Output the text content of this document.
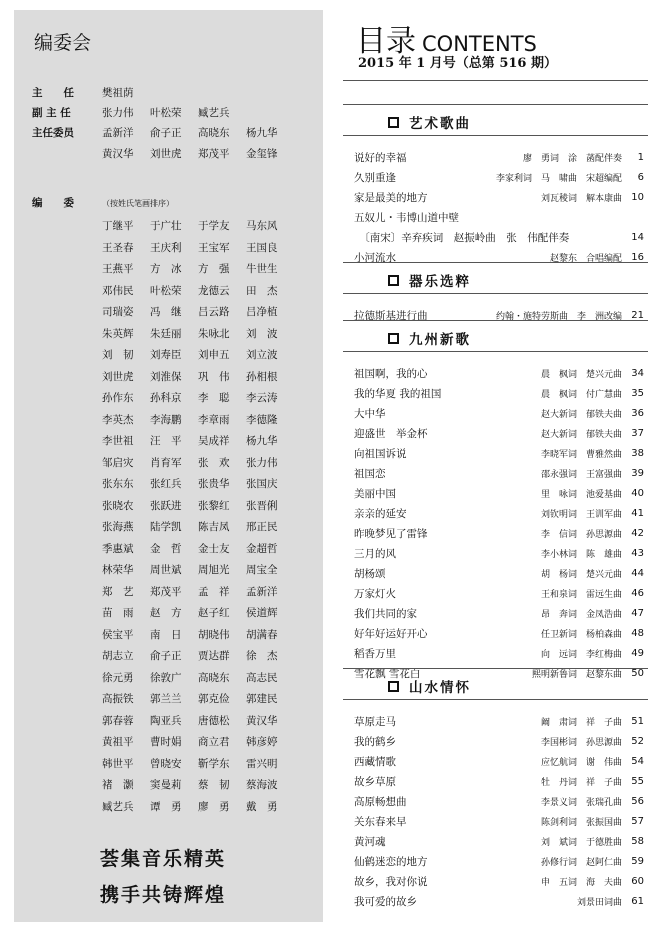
编委会
主　　任	樊祖荫
副 主 任	张力伟	叶松荣	臧艺兵
主任委员	孟新洋	俞子正	高晓东	杨九华
黄汉华	刘世虎	郑茂平	金玺锋
编　　委	（按姓氏笔画排序）
丁继平	于广壮	于学友	马东风
王圣春	王庆利	王宝军	王国良
王燕平	方　冰	方　强	牛世生
邓伟民	叶松荣	龙德云	田　杰
司瑞姿	冯　继	吕云路	吕净植
朱英辉	朱廷丽	朱咏北	刘　波
刘　韧	刘寿臣	刘申五	刘立波
刘世虎	刘淮保	巩　伟	孙相根
孙作东	孙科京	李　聪	李云涛
李英杰	李海鹏	李章雨	李德隆
李世祖	汪　平	吴成祥	杨九华
邹启灾	肖育军	张　欢	张力伟
张东东	张红兵	张贵华	张国庆
张晓农	张跃进	张黎红	张晋俐
张海燕	陆学凯	陈吉凤	邢正民
季惠斌	金　哲	金士友	金超哲
林荣华	周世斌	周旭光	周宝全
郑　艺	郑茂平	孟　祥	孟新洋
苗　雨	赵　方	赵子红	侯道辉
侯宝平	南　日	胡晓伟	胡满春
胡志立	俞子正	贾达群	徐　杰
徐元勇	徐敦广	高晓东	高志民
高振铁	郭兰兰	郭克俭	郭建民
郭春蓉	陶亚兵	唐德松	黄汉华
黄祖平	曹时娟	商立君	韩彦婷
韩世平	曾晓安	靳学东	雷兴明
褚　灏	窦曼莉	蔡　韧	蔡海波
臧艺兵	谭　勇	廖　勇	戴　勇
荟集音乐精英
携手共铸辉煌
目录 CONTENTS
2015 年 1 月号（总第 516 期）
艺术歌曲
说好的幸福	廖　勇词　涂　菡配伴奏	1
久别重逢	李家利词　马　啸曲　宋超编配	6
家是最美的地方	刘瓦稜词　解本康曲 10
五奴儿・韦博山道中壁
　〔南宋〕辛弃疾词　赵振岭曲　张　伟配伴奏	14
小河流水	赵黎东　合唱编配 16
器乐选粹
拉德斯基进行曲	约翰・施特劳斯曲　李　洲改编 21
九州新歌
祖国啊，我的心	晨　枫词　楚兴元曲 34
我的华夏 我的祖国	晨　枫词　付广慧曲 35
大中华	赵大新词　郁铁夫曲 36
迎盛世　举金杯	赵大新词　郁铁夫曲 37
向祖国诉说	李晓军词　曹雅然曲 38
祖国恋	邵永强词　王富强曲 39
美丽中国	里　咏词　池爱基曲 40
亲亲的延安	刘钦明词　王训军曲 41
昨晚梦见了雷锋	李　信词　孙思源曲 42
三月的风	李小林词　陈　雄曲 43
胡杨颂	胡　杨词　楚兴元曲 44
万家灯火	王和泉词　雷远生曲 46
我们共同的家	昂　奔词　金凤浩曲 47
好年好运好开心	任卫新词　杨柏森曲 48
稻香万里	向　远词　李红梅曲 49
雪花飘 雪花白	熙明新鲁词　赵黎东曲 50
山水情怀
草原走马	阚　肃词　祥　子曲 51
我的鹤乡	李国彬词　孙思源曲 52
西藏情歌	应忆航词　谢　伟曲 54
故乡草原	牡　丹词　祥　子曲 55
高原畅想曲	李景义词　张瑞孔曲 56
关东春来早	陈剑利词　张振国曲 57
黄河魂	刘　斌词　于德胜曲 58
仙鹤迷恋的地方	孙修行词　赵阿仁曲 59
故乡，我对你说	申　五词　海　夫曲 60
我可爱的故乡	刘景田词曲 61
